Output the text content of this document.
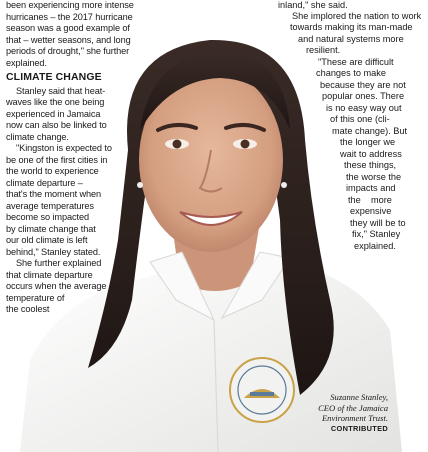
been experiencing more intense
hurricanes – the 2017 hurricane
season was a good example of
that – wetter seasons, and long
periods of drought," she further
explained.

CLIMATE CHANGE

Stanley said that heat-
waves like the one being
experienced in Jamaica
now can also be linked to
climate change.

"Kingston is expected to
be one of the first cities in
the world to experience
climate departure –
that's the moment when
average temperatures
become so impacted
by climate change that
our old climate is left
behind," Stanley stated.

She further explained
that climate departure
occurs when the average
temperature of
the coolest

inland," she said.
She implored the nation to work
towards making its man-made
and natural systems more
resilient.
"These are difficult
changes to make
because they are not
popular ones. There
is no easy way out
of this one (cli-
mate change). But
the longer we
wait to address
these things,
the worse the
impacts and
the    more
expensive
they will be to
fix," Stanley
explained.
Suzanne Stanley,
CEO of the Jamaica
Environment Trust.
CONTRIBUTED
